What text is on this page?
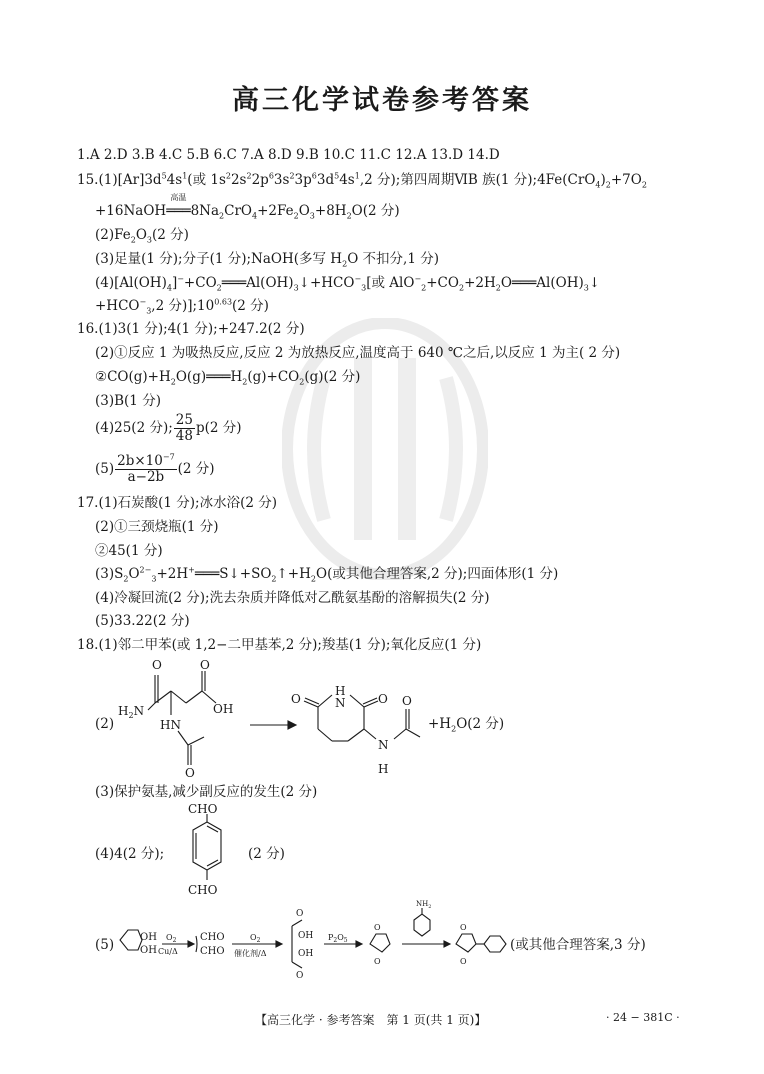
高三化学试卷参考答案
1.A 2.D 3.B 4.C 5.B 6.C 7.A 8.D 9.B 10.C 11.C 12.A 13.D 14.D
$15.(1)[Ar]3d^54s^1$(或 $1s^22s^22p^63s^23p^63d^54s^1,2$ 分);第四周期ⅥB 族(1 分)$;4Fe(CrO_4)_2+7O_2$
+16NaOH
高温
$═══8Na_2CrO_4+2Fe_2O_3+8H_2O(2$ 分)
$(2)Fe_2O_3(2$ 分)
(3)足量(1 分);分子(1 分);NaOH(多写 $H_2O$ 不扣分,1 分)
$(4)[Al(OH)_4]^-+CO_2═══Al(OH)_3↓+HCO^-_3$[或 $AlO^-_2+CO_2+2H_2O═══Al(OH)_3↓$
$+HCO^-_3,2$ 分)]$;10^{0.63}(2$ 分)
16.(1)3(1 分);4(1 分);+247.2(2 分)
(2)①反应 1 为吸热反应,反应 2 为放热反应,温度高于 640 ℃之后,以反应 1 为主( 2 分)
$②CO(g)+H_2O(g)═══H_2(g)+CO_2(g)(2$ 分)
(3)B(1 分)
(4)25(2 分); $\frac{25}{48} p(2$ 分)
$(5) \frac{2b\times 10^{-7}}{a-2b} (2$ 分)
17.(1)石炭酸(1 分);冰水浴(2 分)
(2)①三颈烧瓶(1 分)
②45(1 分)
$(3)S_2O^{2-}_3+2H^+═══S↓+SO_2↑+H_2O$(或其他合理答案,2 分);四面体形(1 分)
(4)冷凝回流(2 分);洗去杂质并降低对乙酰氨基酚的溶解损失(2 分)
(5)33.22(2 分)
18.(1)邻二甲苯(或 1,2−二甲基苯,2 分);羧基(1 分);氧化反应(1 分)
(2)
O	O
OH
$H_2N$
HN
O
H
N
O	O
N
H
O
$+H_2O(2$ 分)
(3)保护氨基,减少副反应的发生(2 分)
(4)4(2 分);
CHO
CHO
(2 分)
(5)	OH
OH
$O_2$
Cu/Δ
CHO
CHO
$O_2$
催化剂/Δ
O
O
OH
OH
$P_2O_5$
O
O
$NH_2$
O
O
(或其他合理答案,3 分)
【高三化学 · 参考答案　第 1 页(共 1 页)】	· 24 − 381C ·
